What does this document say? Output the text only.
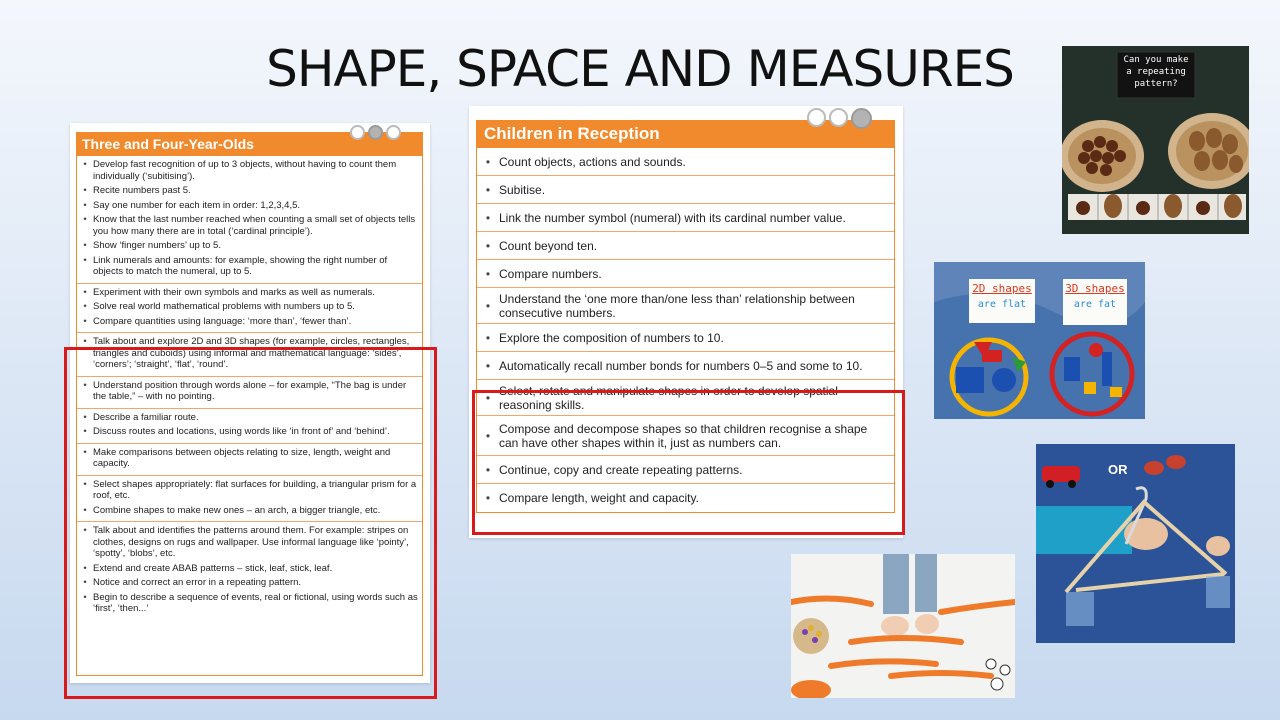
SHAPE, SPACE AND MEASURES
Three and Four-Year-Olds
• Develop fast recognition of up to 3 objects, without having to count them individually (‘subitising’).
• Recite numbers past 5.
• Say one number for each item in order: 1,2,3,4,5.
• Know that the last number reached when counting a small set of objects tells you how many there are in total (‘cardinal principle’).
• Show ‘finger numbers’ up to 5.
• Link numerals and amounts: for example, showing the right number of objects to match the numeral, up to 5.
• Experiment with their own symbols and marks as well as numerals.
• Solve real world mathematical problems with numbers up to 5.
• Compare quantities using language: ‘more than’, ‘fewer than’.
• Talk about and explore 2D and 3D shapes (for example, circles, rectangles, triangles and cuboids) using informal and mathematical language: ‘sides’, ‘corners’; ‘straight’, ‘flat’, ‘round’.
• Understand position through words alone – for example, “The bag is under the table,” – with no pointing.
• Describe a familiar route.
• Discuss routes and locations, using words like ‘in front of’ and ‘behind’.
• Make comparisons between objects relating to size, length, weight and capacity.
• Select shapes appropriately: flat surfaces for building, a triangular prism for a roof, etc.
• Combine shapes to make new ones – an arch, a bigger triangle, etc.
• Talk about and identifies the patterns around them. For example: stripes on clothes, designs on rugs and wallpaper. Use informal language like ‘pointy’, ‘spotty’, ‘blobs’, etc.
• Extend and create ABAB patterns – stick, leaf, stick, leaf.
• Notice and correct an error in a repeating pattern.
• Begin to describe a sequence of events, real or fictional, using words such as ‘first’, ‘then...’
Children in Reception
• Count objects, actions and sounds.
• Subitise.
• Link the number symbol (numeral) with its cardinal number value.
• Count beyond ten.
• Compare numbers.
• Understand the ‘one more than/one less than’ relationship between consecutive numbers.
• Explore the composition of numbers to 10.
• Automatically recall number bonds for numbers 0–5 and some to 10.
• Select, rotate and manipulate shapes in order to develop spatial reasoning skills.
• Compose and decompose shapes so that children recognise a shape can have other shapes within it, just as numbers can.
• Continue, copy and create repeating patterns.
• Compare length, weight and capacity.
Can you make
a repeating
pattern?
2D shapes
are flat
3D shapes
are fat
OR
